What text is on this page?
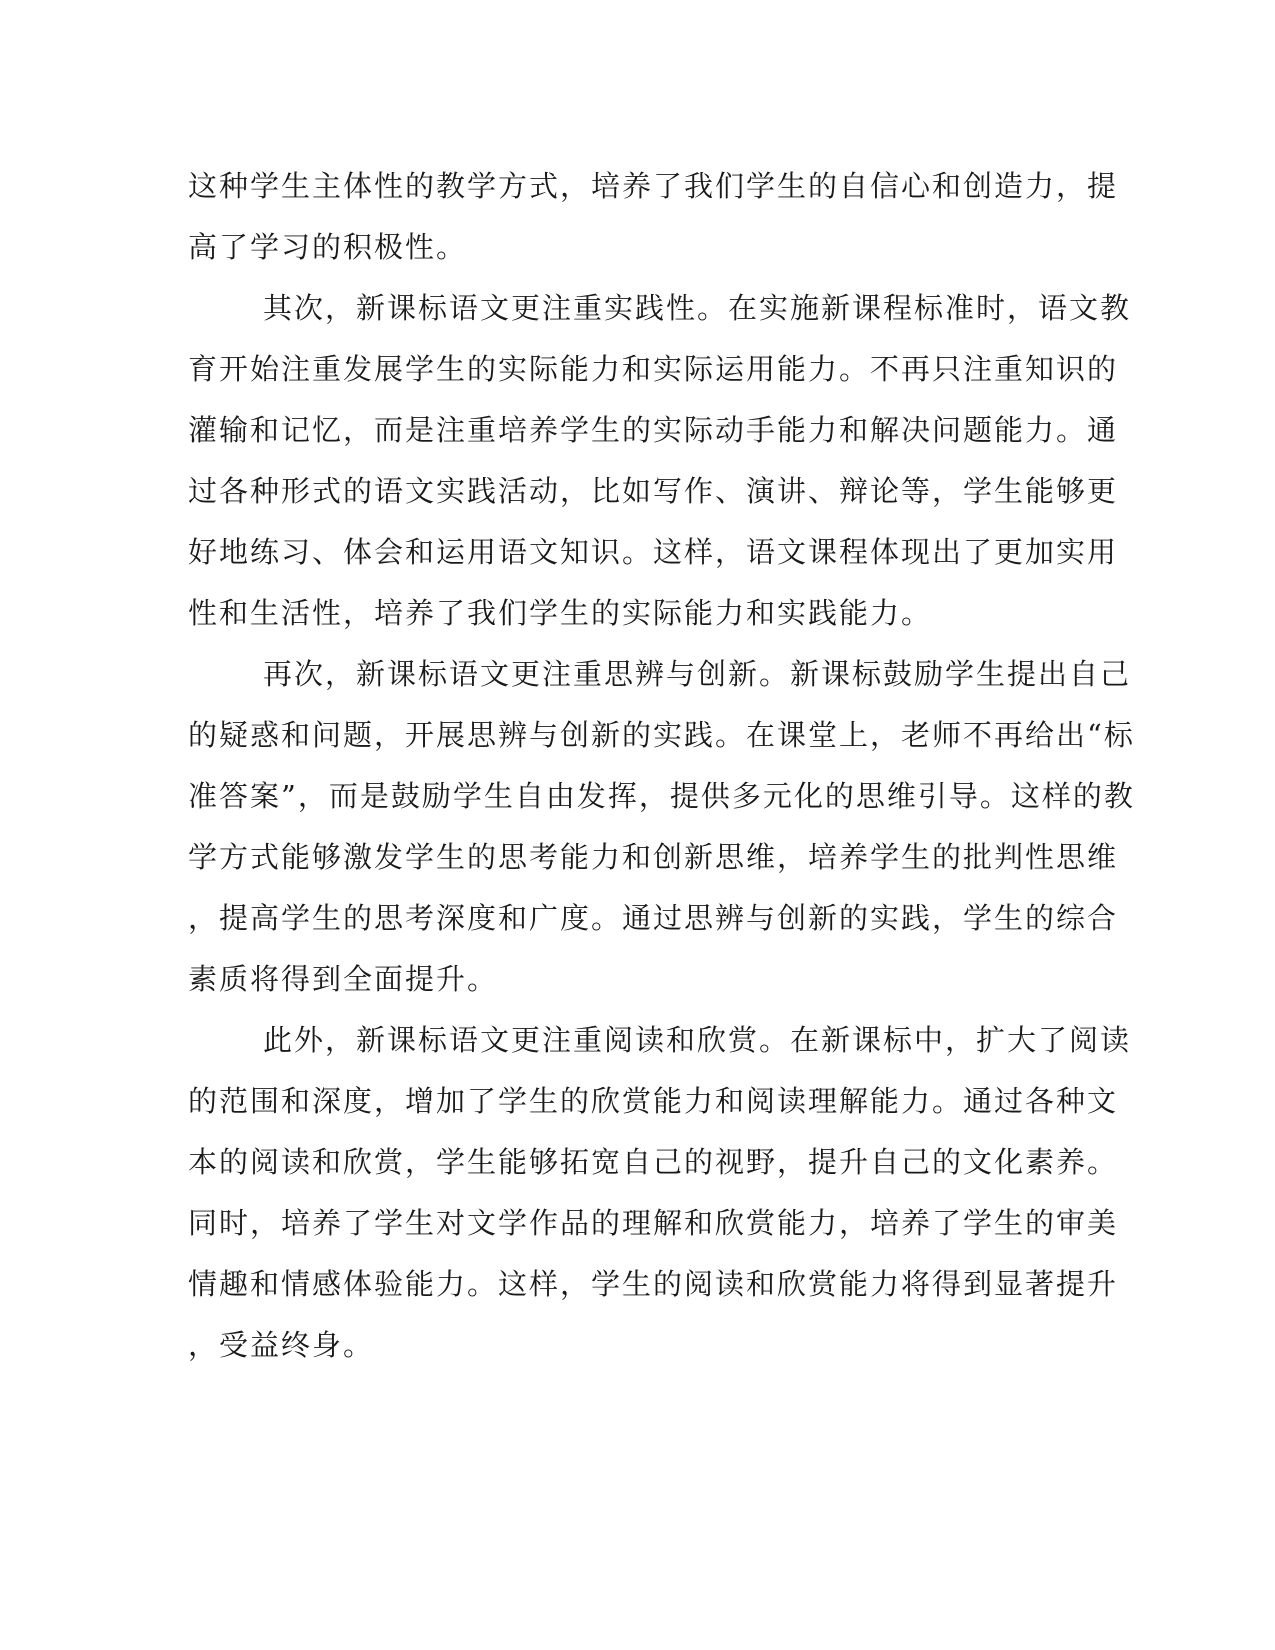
这种学生主体性的教学方式，培养了我们学生的自信心和创造力，提
高了学习的积极性。
其次，新课标语文更注重实践性。在实施新课程标准时，语文教
育开始注重发展学生的实际能力和实际运用能力。不再只注重知识的
灌输和记忆，而是注重培养学生的实际动手能力和解决问题能力。通
过各种形式的语文实践活动，比如写作、演讲、辩论等，学生能够更
好地练习、体会和运用语文知识。这样，语文课程体现出了更加实用
性和生活性，培养了我们学生的实际能力和实践能力。
再次，新课标语文更注重思辨与创新。新课标鼓励学生提出自己
的疑惑和问题，开展思辨与创新的实践。在课堂上，老师不再给出“标
准答案”，而是鼓励学生自由发挥，提供多元化的思维引导。这样的教
学方式能够激发学生的思考能力和创新思维，培养学生的批判性思维
，提高学生的思考深度和广度。通过思辨与创新的实践，学生的综合
素质将得到全面提升。
此外，新课标语文更注重阅读和欣赏。在新课标中，扩大了阅读
的范围和深度，增加了学生的欣赏能力和阅读理解能力。通过各种文
本的阅读和欣赏，学生能够拓宽自己的视野，提升自己的文化素养。
同时，培养了学生对文学作品的理解和欣赏能力，培养了学生的审美
情趣和情感体验能力。这样，学生的阅读和欣赏能力将得到显著提升
，受益终身。
